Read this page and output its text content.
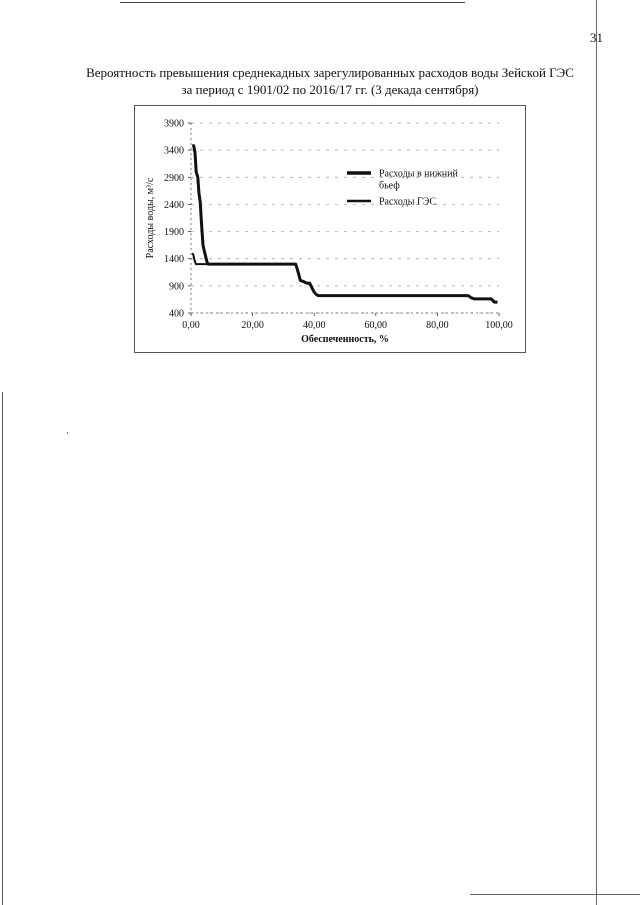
31
Вероятность превышения среднекадных зарегулированных расходов воды Зейской ГЭС
за период с 1901/02 по 2016/17 гг. (3 декада сентября)
3900
3400
2900
2400
1900
1400
900
400
0,00	20,00	40,00	60,00	80,00	100,00
Обеспеченность, %
Расходы воды, м³/с
Расходы в нижний бьеф
Расходы ГЭС
